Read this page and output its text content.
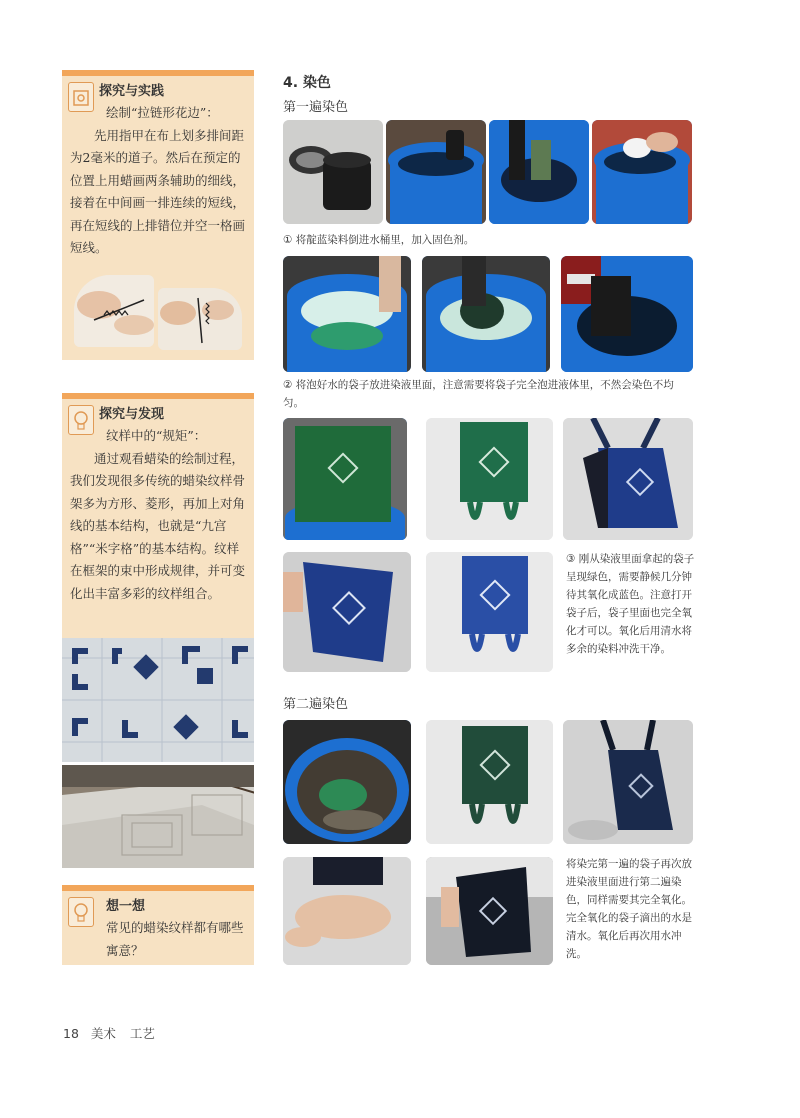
探究与实践

绘制“拉链形花边”：

先用指甲在布上划多排间距为2毫米的道子。然后在预定的位置上用蜡画两条辅助的细线，接着在中间画一排连续的短线，再在短线的上排错位并空一格画短线。

探究与发现

纹样中的“规矩”：

通过观看蜡染的绘制过程，我们发现很多传统的蜡染纹样骨架多为方形、菱形，再加上对角线的基本结构，也就是“九宫格”“米字格”的基本结构。纹样在框架的束中形成规律，并可变化出丰富多彩的纹样组合。

想一想

常见的蜡染纹样都有哪些寓意？

4. 染色
第一遍染色
① 将靛蓝染料倒进水桶里，加入固色剂。
② 将泡好水的袋子放进染液里面，注意需要将袋子完全泡进液体里，不然会染色不均匀。
③ 刚从染液里面拿起的袋子呈现绿色，需要静候几分钟待其氧化成蓝色。注意打开袋子后，袋子里面也完全氧化才可以。氧化后用清水将多余的染料冲洗干净。
第二遍染色
将染完第一遍的袋子再次放进染液里面进行第二遍染色，同样需要其完全氧化。完全氧化的袋子滴出的水是清水。氧化后再次用水冲洗。
18 美术 工艺
